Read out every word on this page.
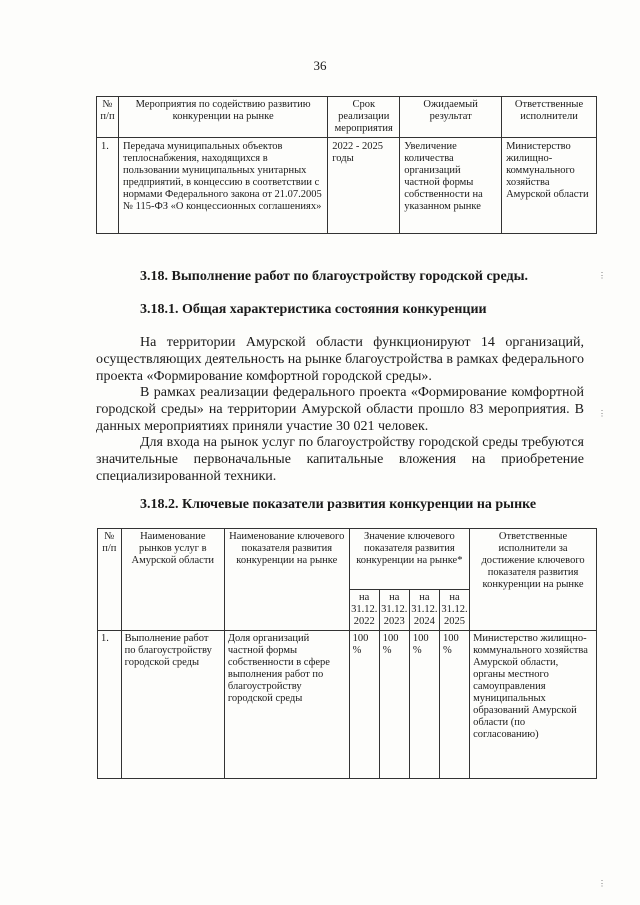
36
№ п/п	Мероприятия по содействию развитию конкуренции на рынке	Срок реализации мероприятия	Ожидаемый результат	Ответственные исполнители
1.	Передача муниципальных объектов теплоснабжения, находящихся в пользовании муниципальных унитарных предприятий, в концессию в соответствии с нормами Федерального закона от 21.07.2005 № 115-ФЗ «О концессионных соглашениях»	2022 - 2025 годы	Увеличение количества организаций частной формы собственности на указанном рынке	Министерство жилищно-коммунального хозяйства Амурской области
3.18. Выполнение работ по благоустройству городской среды.
3.18.1. Общая характеристика состояния конкуренции

На территории Амурской области функционируют 14 организаций, осуществляющих деятельность на рынке благоустройства в рамках федерального проекта «Формирование комфортной городской среды».

В рамках реализации федерального проекта «Формирование комфортной городской среды» на территории Амурской области прошло 83 мероприятия. В данных мероприятиях приняли участие 30 021 человек.

Для входа на рынок услуг по благоустройству городской среды требуются значительные первоначальные капитальные вложения на приобретение специализированной техники.

3.18.2. Ключевые показатели развития конкуренции на рынке
№ п/п	Наименование рынков услуг в Амурской области	Наименование ключевого показателя развития конкуренции на рынке	Значение ключевого показателя развития конкуренции на рынке*				Ответственные исполнители за достижение ключевого показателя развития конкуренции на рынке
			на 31.12. 2022	на 31.12. 2023	на 31.12. 2024	на 31.12. 2025	
1.	Выполнение работ по благоустройству городской среды	Доля организаций частной формы собственности в сфере выполнения работ по благоустройству городской среды	100 %	100 %	100 %	100 %	Министерство жилищно-коммунального хозяйства Амурской области, органы местного самоуправления муниципальных образований Амурской области (по согласованию)
⋮
⋮
⋮
